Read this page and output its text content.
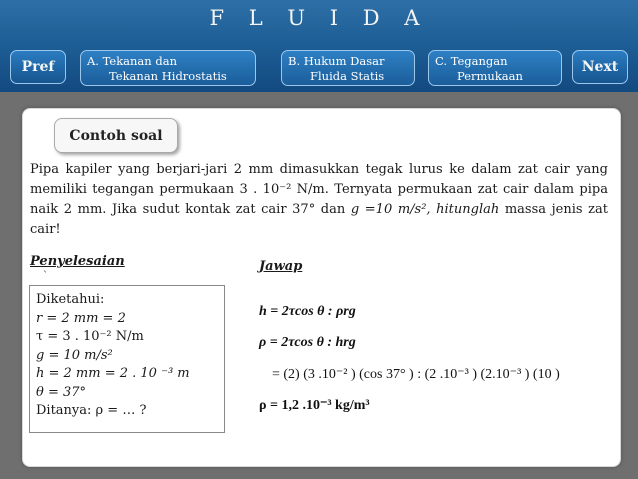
F L U I D A
Pref	A. Tekanan dan
Tekanan Hidrostatis
B. Hukum Dasar
Fluida Statis
C. Tegangan
Permukaan
Next
Contoh soal
Pipa kapiler yang berjari-jari 2 mm dimasukkan tegak lurus ke dalam zat cair yang memiliki tegangan permukaan 3 . 10⁻² N/m. Ternyata permukaan zat cair dalam pipa naik 2 mm. Jika sudut kontak zat cair 37° dan g =10 m/s², hitunglah massa jenis zat cair!
Penyelesaian
`
Diketahui:
r = 2 mm = 2
τ = 3 . 10⁻² N/m
g = 10 m/s²
h = 2 mm = 2 . 10 ⁻³ m
θ = 37°
Ditanya: ρ = … ?
Jawap
h = 2τcos θ : ρrg
ρ = 2τcos θ : hrg
= (2) (3 .10⁻² ) (cos 37° ) : (2 .10⁻³ ) (2.10⁻³ ) (10 )
ρ = 1,2 .10⁻³ kg/m³
